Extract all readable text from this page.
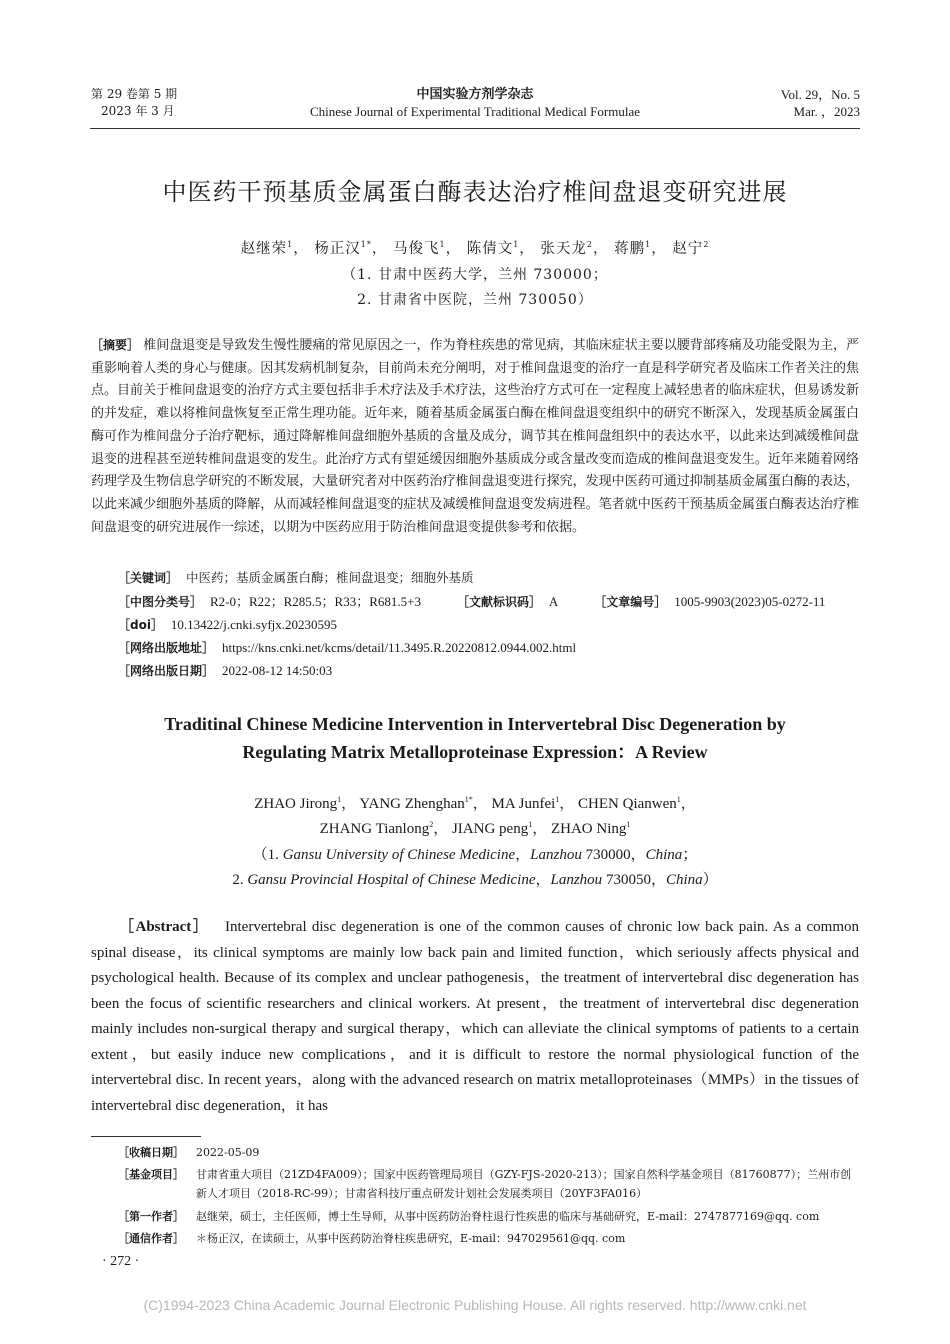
第 29 卷第 5 期
2023 年 3 月
中国实验方剂学杂志
Chinese Journal of Experimental Traditional Medical Formulae
Vol. 29，No. 5
Mar. ，2023
中医药干预基质金属蛋白酶表达治疗椎间盘退变研究进展
赵继荣$^1$， 杨正汉$^{1*}$， 马俊飞$^1$， 陈倩文$^1$， 张天龙$^2$， 蒋鹏$^1$， 赵宁$^2$
（1. 甘肃中医药大学，兰州 730000；
2. 甘肃省中医院，兰州 730050）
［摘要］ 椎间盘退变是导致发生慢性腰痛的常见原因之一，作为脊柱疾患的常见病，其临床症状主要以腰背部疼痛及功能受限为主，严重影响着人类的身心与健康。因其发病机制复杂，目前尚未充分阐明，对于椎间盘退变的治疗一直是科学研究者及临床工作者关注的焦点。目前关于椎间盘退变的治疗方式主要包括非手术疗法及手术疗法，这些治疗方式可在一定程度上减轻患者的临床症状，但易诱发新的并发症，难以将椎间盘恢复至正常生理功能。近年来，随着基质金属蛋白酶在椎间盘退变组织中的研究不断深入，发现基质金属蛋白酶可作为椎间盘分子治疗靶标，通过降解椎间盘细胞外基质的含量及成分，调节其在椎间盘组织中的表达水平，以此来达到减缓椎间盘退变的进程甚至逆转椎间盘退变的发生。此治疗方式有望延缓因细胞外基质成分或含量改变而造成的椎间盘退变发生。近年来随着网络药理学及生物信息学研究的不断发展，大量研究者对中医药治疗椎间盘退变进行探究，发现中医药可通过抑制基质金属蛋白酶的表达，以此来减少细胞外基质的降解，从而减轻椎间盘退变的症状及减缓椎间盘退变发病进程。笔者就中医药干预基质金属蛋白酶表达治疗椎间盘退变的研究进展作一综述，以期为中医药应用于防治椎间盘退变提供参考和依据。
［关键词］ 中医药；基质金属蛋白酶；椎间盘退变；细胞外基质
［中图分类号］ R2-0；R22；R285.5；R33；R681.5+3	［文献标识码］ A	［文章编号］ 1005-9903(2023)05-0272-11
［doi］ 10.13422/j.cnki.syfjx.20230595
［网络出版地址］ https://kns.cnki.net/kcms/detail/11.3495.R.20220812.0944.002.html
［网络出版日期］ 2022-08-12 14:50:03
Traditinal Chinese Medicine Intervention in Intervertebral Disc Degeneration by
Regulating Matrix Metalloproteinase Expression：A Review
ZHAO Jirong$^1$， YANG Zhenghan$^{1*}$， MA Junfei$^1$， CHEN Qianwen$^1$，
ZHANG Tianlong$^2$， JIANG peng$^1$， ZHAO Ning$^1$
（1. Gansu University of Chinese Medicine，Lanzhou 730000，China；
2. Gansu Provincial Hospital of Chinese Medicine，Lanzhou 730050，China）
［Abstract］ Intervertebral disc degeneration is one of the common causes of chronic low back pain. As a common spinal disease，its clinical symptoms are mainly low back pain and limited function，which seriously affects physical and psychological health. Because of its complex and unclear pathogenesis，the treatment of intervertebral disc degeneration has been the focus of scientific researchers and clinical workers. At present，the treatment of intervertebral disc degeneration mainly includes non-surgical therapy and surgical therapy，which can alleviate the clinical symptoms of patients to a certain extent，but easily induce new complications，and it is difficult to restore the normal physiological function of the intervertebral disc. In recent years，along with the advanced research on matrix metalloproteinases（MMPs）in the tissues of intervertebral disc degeneration，it has
［收稿日期］ 2022-05-09
［基金项目］ 甘肃省重大项目（21ZD4FA009）；国家中医药管理局项目（GZY-FJS-2020-213）；国家自然科学基金项目（81760877）；兰州市创新人才项目（2018-RC-99）；甘肃省科技厅重点研发计划社会发展类项目（20YF3FA016）
［第一作者］ 赵继荣，硕士，主任医师，博士生导师，从事中医药防治脊柱退行性疾患的临床与基础研究，E-mail：2747877169@qq. com
［通信作者］ ＊杨正汉，在读硕士，从事中医药防治脊柱疾患研究，E-mail：947029561@qq. com
· 272 ·
(C)1994-2023 China Academic Journal Electronic Publishing House. All rights reserved. http://www.cnki.net
